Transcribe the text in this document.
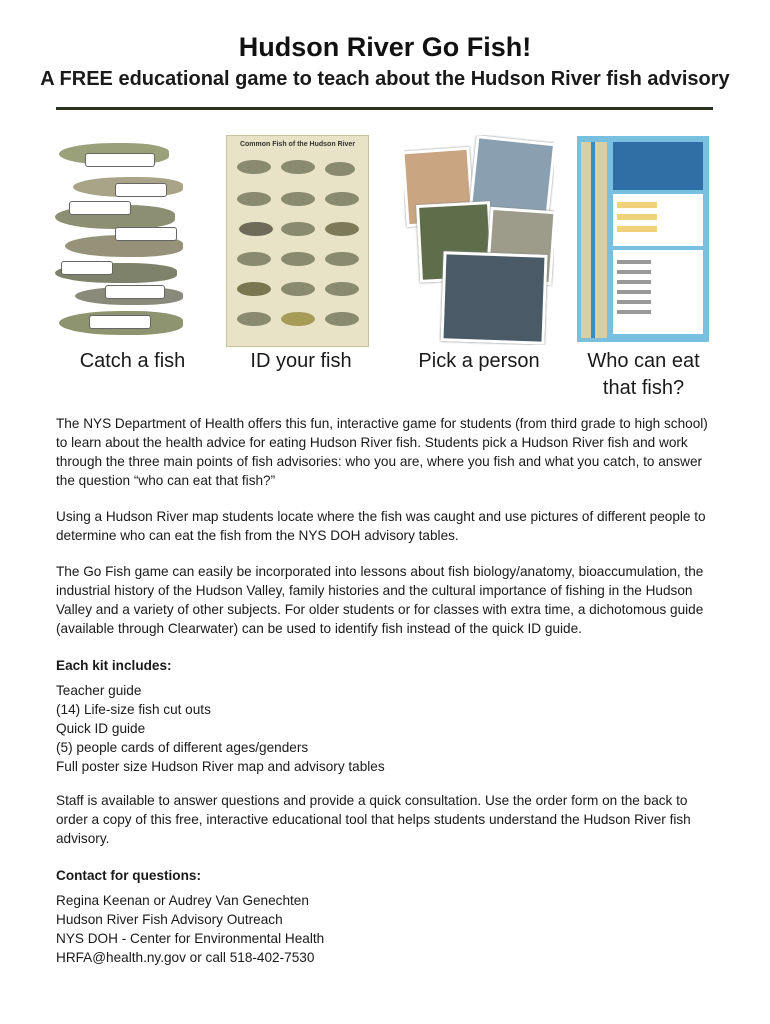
Hudson River Go Fish!
A FREE educational game to teach about the Hudson River fish advisory
Catch a fish
Common Fish of the Hudson River
ID your fish	Pick a person	Who can eat
that fish?

The NYS Department of Health offers this fun, interactive game for students (from third grade to high school) to learn about the health advice for eating Hudson River fish. Students pick a Hudson River fish and work through the three main points of fish advisories: who you are, where you fish and what you catch, to answer the question “who can eat that fish?”

Using a Hudson River map students locate where the fish was caught and use pictures of different people to determine who can eat the fish from the NYS DOH advisory tables.

The Go Fish game can easily be incorporated into lessons about fish biology/anatomy, bioaccumulation, the industrial history of the Hudson Valley, family histories and the cultural importance of fishing in the Hudson Valley and a variety of other subjects. For older students or for classes with extra time, a dichotomous guide (available through Clearwater) can be used to identify fish instead of the quick ID guide.

Each kit includes:

Teacher guide

(14) Life-size fish cut outs

Quick ID guide

(5) people cards of different ages/genders

Full poster size Hudson River map and advisory tables

Staff is available to answer questions and provide a quick consultation. Use the order form on the back to order a copy of this free, interactive educational tool that helps students understand the Hudson River fish advisory.

Contact for questions:

Regina Keenan or Audrey Van Genechten

Hudson River Fish Advisory Outreach

NYS DOH - Center for Environmental Health

HRFA@health.ny.gov or call 518-402-7530
